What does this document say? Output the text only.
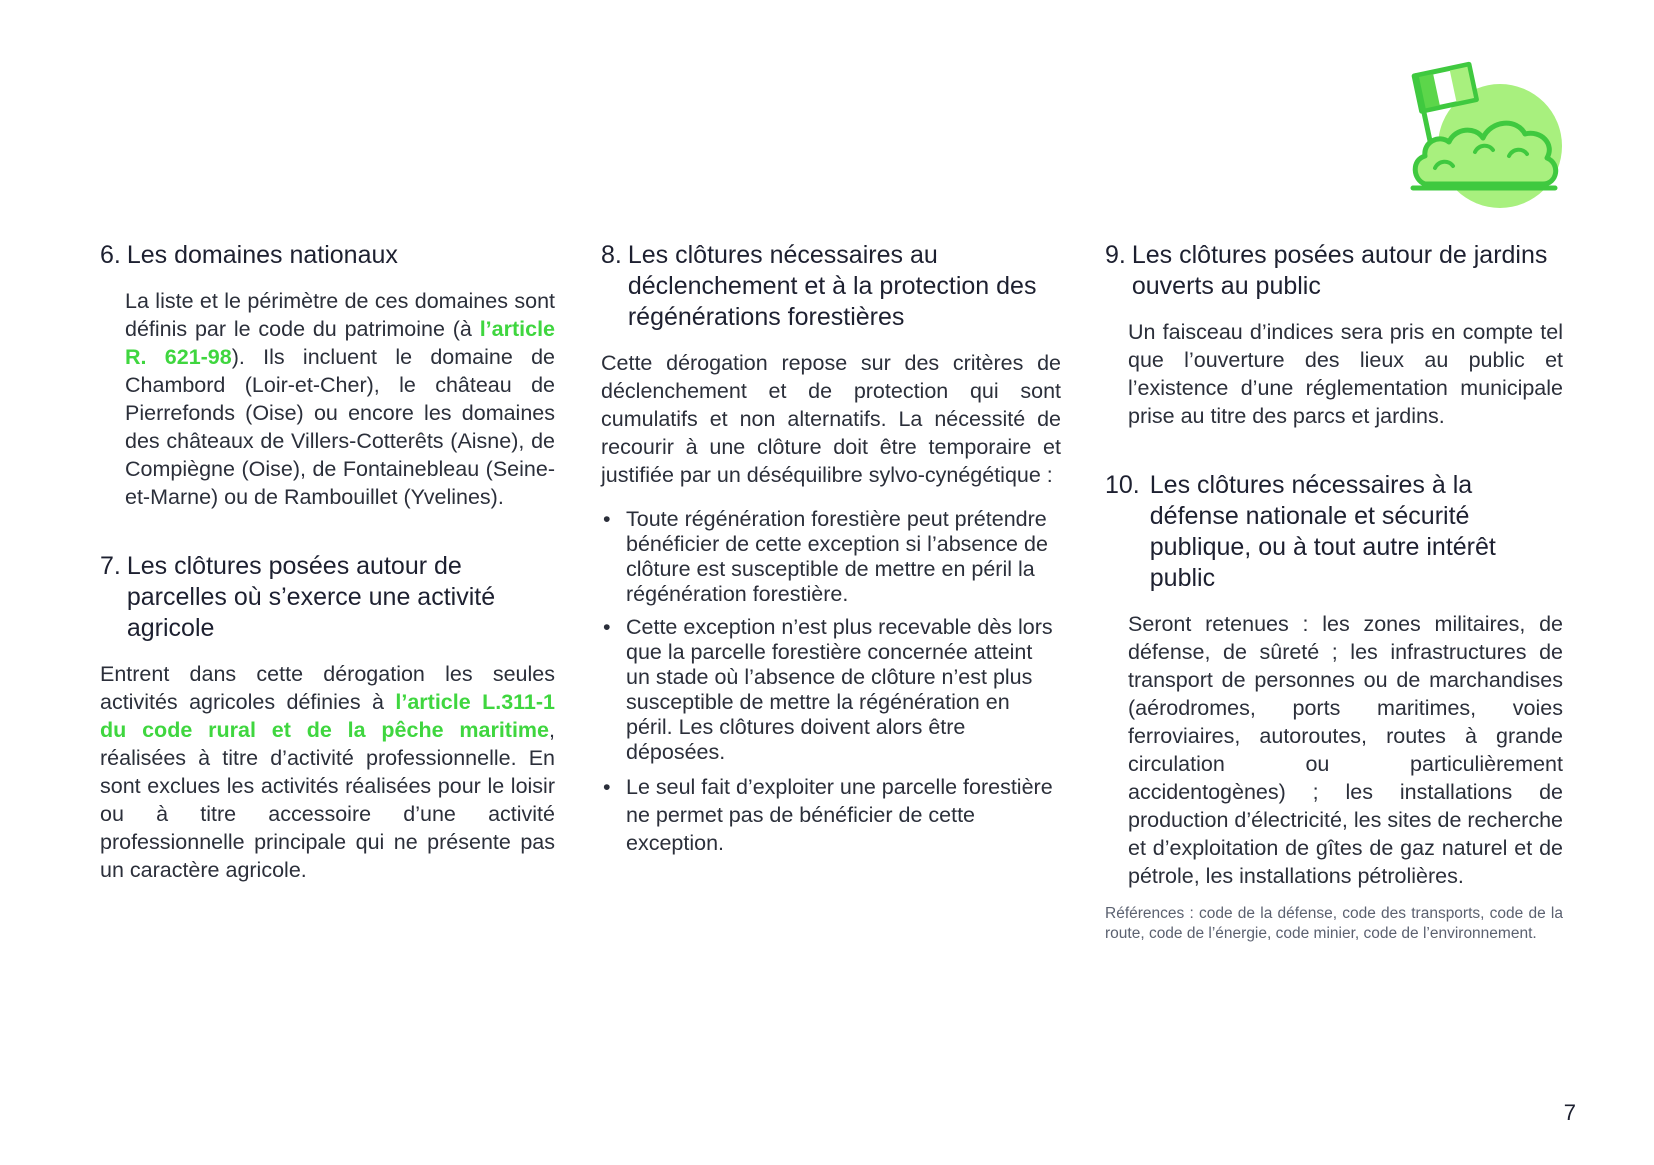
6. Les domaines nationaux

La liste et le périmètre de ces domaines sont définis par le code du patrimoine (à l’article R. 621-98). Ils incluent le domaine de Chambord (Loir-et-Cher), le château de Pierrefonds (Oise) ou encore les domaines des châteaux de Villers-Cotterêts (Aisne), de Compiègne (Oise), de Fontainebleau (Seine-et-Marne) ou de Rambouillet (Yvelines).

7. Les clôtures posées autour de parcelles où s’exerce une activité agricole

Entrent dans cette dérogation les seules activités agricoles définies à l’article L.311-1 du code rural et de la pêche maritime, réalisées à titre d’activité professionnelle. En sont exclues les activités réalisées pour le loisir ou à titre accessoire d’une activité professionnelle principale qui ne présente pas un caractère agricole.

8. Les clôtures nécessaires au déclenchement et à la protection des régénérations forestières

Cette dérogation repose sur des critères de déclenchement et de protection qui sont cumulatifs et non alternatifs. La nécessité de recourir à une clôture doit être temporaire et justifiée par un déséquilibre sylvo-cynégétique :

• Toute régénération forestière peut prétendre bénéficier de cette exception si l’absence de clôture est susceptible de mettre en péril la régénération forestière.
• Cette exception n’est plus recevable dès lors que la parcelle forestière concernée atteint un stade où l’absence de clôture n’est plus susceptible de mettre la régénération en péril. Les clôtures doivent alors être déposées.
• Le seul fait d’exploiter une parcelle forestière ne permet pas de bénéficier de cette exception.
9. Les clôtures posées autour de jardins ouverts au public

Un faisceau d’indices sera pris en compte tel que l’ouverture des lieux au public et l’existence d’une réglementation municipale prise au titre des parcs et jardins.

10. Les clôtures nécessaires à la défense nationale et sécurité publique, ou à tout autre intérêt public

Seront retenues : les zones militaires, de défense, de sûreté ; les infrastructures de transport de personnes ou de marchandises (aérodromes, ports maritimes, voies ferroviaires, autoroutes, routes à grande circulation ou particulièrement accidentogènes) ; les installations de production d’électricité, les sites de recherche et d’exploitation de gîtes de gaz naturel et de pétrole, les installations pétrolières.

Références : code de la défense, code des transports, code de la route, code de l’énergie, code minier, code de l’environnement.
7
